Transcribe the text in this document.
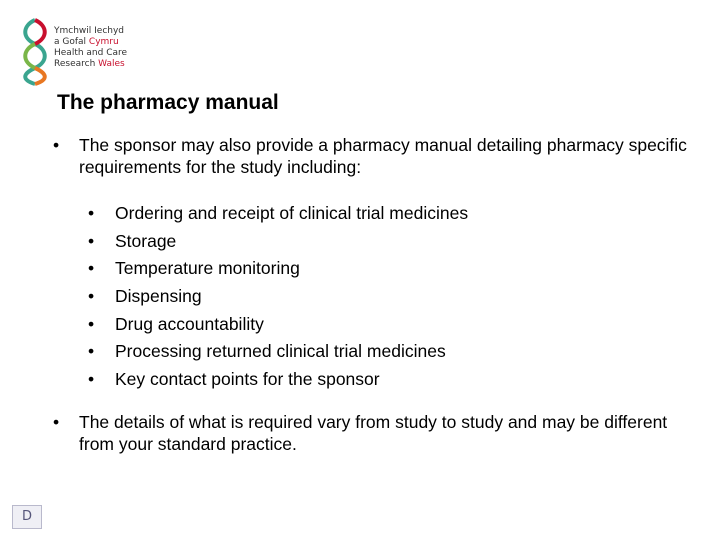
Ymchwil Iechyd
a Gofal Cymru
Health and Care
Research Wales
The pharmacy manual
• The sponsor may also provide a pharmacy manual detailing pharmacy specific requirements for the study including:
• Ordering and receipt of clinical trial medicines
• Storage
• Temperature monitoring
• Dispensing
• Drug accountability
• Processing returned clinical trial medicines
• Key contact points for the sponsor
• The details of what is required vary from study to study and may be different from your standard practice.
D
